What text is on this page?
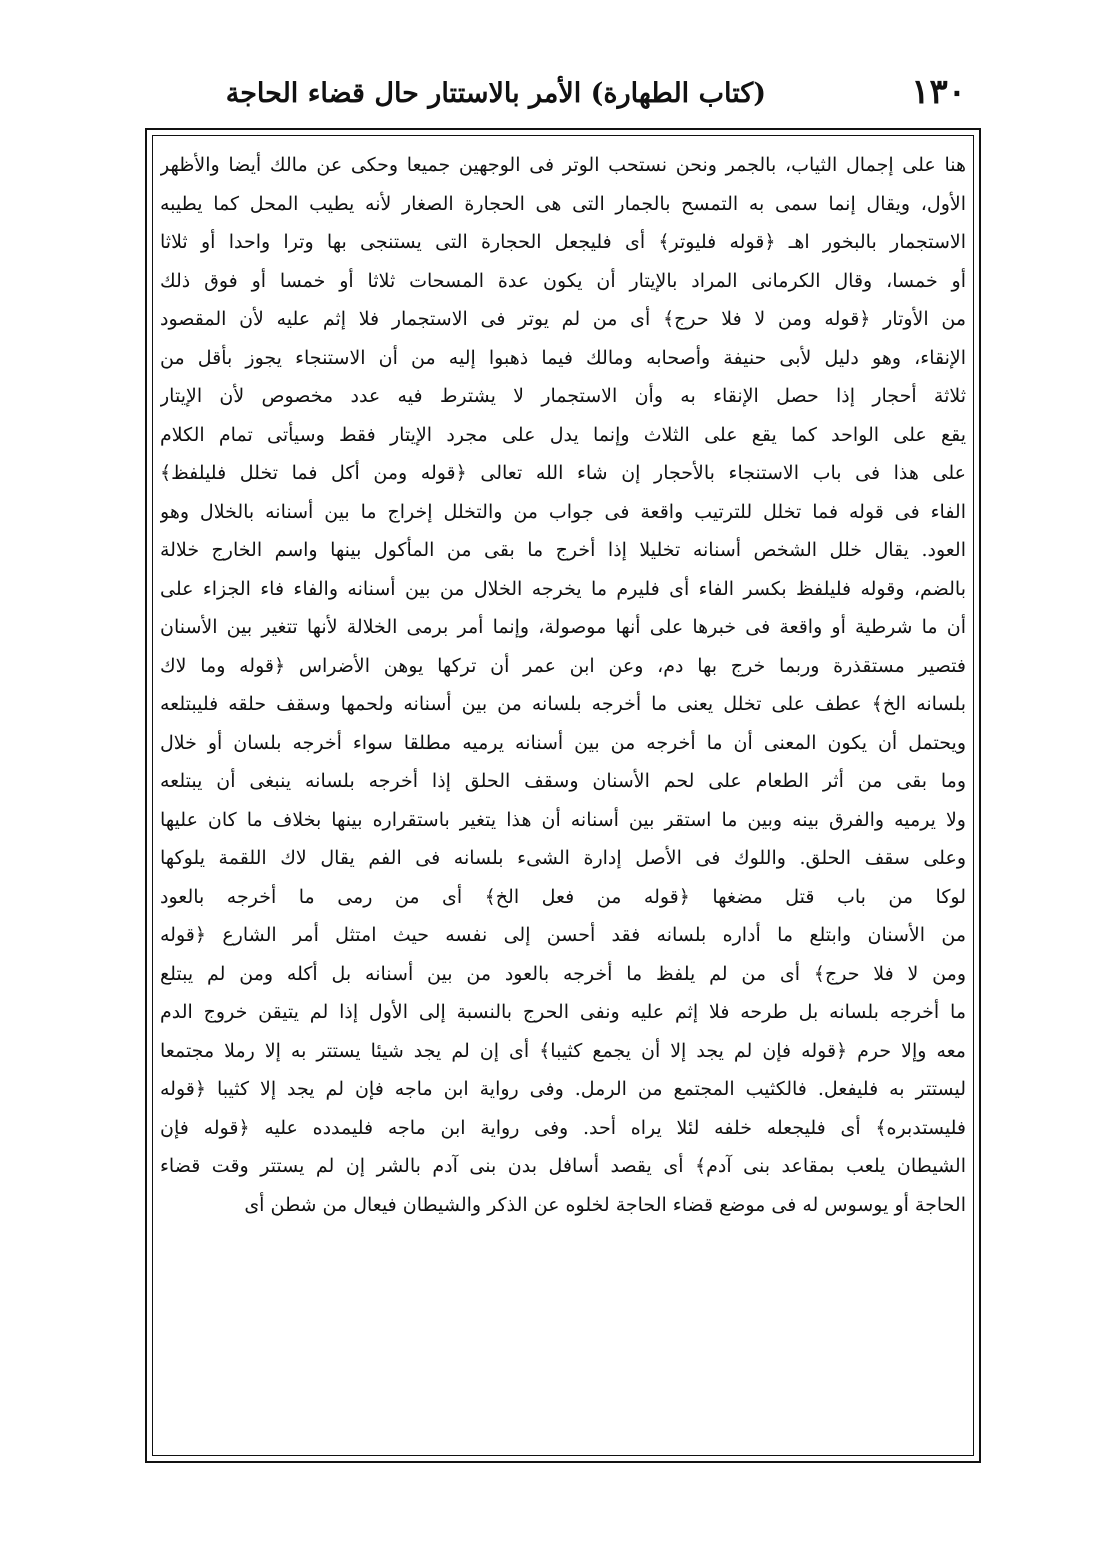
١٣٠
(كتاب الطهارة) الأمر بالاستتار حال قضاء الحاجة
هنا على إجمال الثياب، بالجمر ونحن نستحب الوتر فى الوجهين جميعا وحكى عن مالك أيضا والأظهر
الأول، ويقال إنما سمى به التمسح بالجمار التى هى الحجارة الصغار لأنه يطيب المحل كما يطيبه
الاستجمار بالبخور اهـ ﴿قوله فليوتر﴾ أى فليجعل الحجارة التى يستنجى بها وترا واحدا أو ثلاثا
أو خمسا، وقال الكرمانى المراد بالإيتار أن يكون عدة المسحات ثلاثا أو خمسا أو فوق ذلك
من الأوتار ﴿قوله ومن لا فلا حرج﴾ أى من لم يوتر فى الاستجمار فلا إثم عليه لأن المقصود
الإنقاء، وهو دليل لأبى حنيفة وأصحابه ومالك فيما ذهبوا إليه من أن الاستنجاء يجوز بأقل من
ثلاثة أحجار إذا حصل الإنقاء به وأن الاستجمار لا يشترط فيه عدد مخصوص لأن الإيتار
يقع على الواحد كما يقع على الثلاث وإنما يدل على مجرد الإيتار فقط وسيأتى تمام الكلام
على هذا فى باب الاستنجاء بالأحجار إن شاء الله تعالى ﴿قوله ومن أكل فما تخلل فليلفظ﴾
الفاء فى قوله فما تخلل للترتيب واقعة فى جواب من والتخلل إخراج ما بين أسنانه بالخلال وهو
العود. يقال خلل الشخص أسنانه تخليلا إذا أخرج ما بقى من المأكول بينها واسم الخارج خلالة
بالضم، وقوله فليلفظ بكسر الفاء أى فليرم ما يخرجه الخلال من بين أسنانه والفاء فاء الجزاء على
أن ما شرطية أو واقعة فى خبرها على أنها موصولة، وإنما أمر برمى الخلالة لأنها تتغير بين الأسنان
فتصير مستقذرة وربما خرج بها دم، وعن ابن عمر أن تركها يوهن الأضراس ﴿قوله وما لاك
بلسانه الخ﴾ عطف على تخلل يعنى ما أخرجه بلسانه من بين أسنانه ولحمها وسقف حلقه فليبتلعه
ويحتمل أن يكون المعنى أن ما أخرجه من بين أسنانه يرميه مطلقا سواء أخرجه بلسان أو خلال
وما بقى من أثر الطعام على لحم الأسنان وسقف الحلق إذا أخرجه بلسانه ينبغى أن يبتلعه
ولا يرميه والفرق بينه وبين ما استقر بين أسنانه أن هذا يتغير باستقراره بينها بخلاف ما كان عليها
وعلى سقف الحلق. واللوك فى الأصل إدارة الشىء بلسانه فى الفم يقال لاك اللقمة يلوكها
لوكا من باب قتل مضغها ﴿قوله من فعل الخ﴾ أى من رمى ما أخرجه بالعود
من الأسنان وابتلع ما أداره بلسانه فقد أحسن إلى نفسه حيث امتثل أمر الشارع ﴿قوله
ومن لا فلا حرج﴾ أى من لم يلفظ ما أخرجه بالعود من بين أسنانه بل أكله ومن لم يبتلع
ما أخرجه بلسانه بل طرحه فلا إثم عليه ونفى الحرج بالنسبة إلى الأول إذا لم يتيقن خروج الدم
معه وإلا حرم ﴿قوله فإن لم يجد إلا أن يجمع كثيبا﴾ أى إن لم يجد شيئا يستتر به إلا رملا مجتمعا
ليستتر به فليفعل. فالكثيب المجتمع من الرمل. وفى رواية ابن ماجه فإن لم يجد إلا كثيبا ﴿قوله
فليستدبره﴾ أى فليجعله خلفه لئلا يراه أحد. وفى رواية ابن ماجه فليمدده عليه ﴿قوله فإن
الشيطان يلعب بمقاعد بنى آدم﴾ أى يقصد أسافل بدن بنى آدم بالشر إن لم يستتر وقت قضاء
الحاجة أو يوسوس له فى موضع قضاء الحاجة لخلوه عن الذكر والشيطان فيعال من شطن أى
